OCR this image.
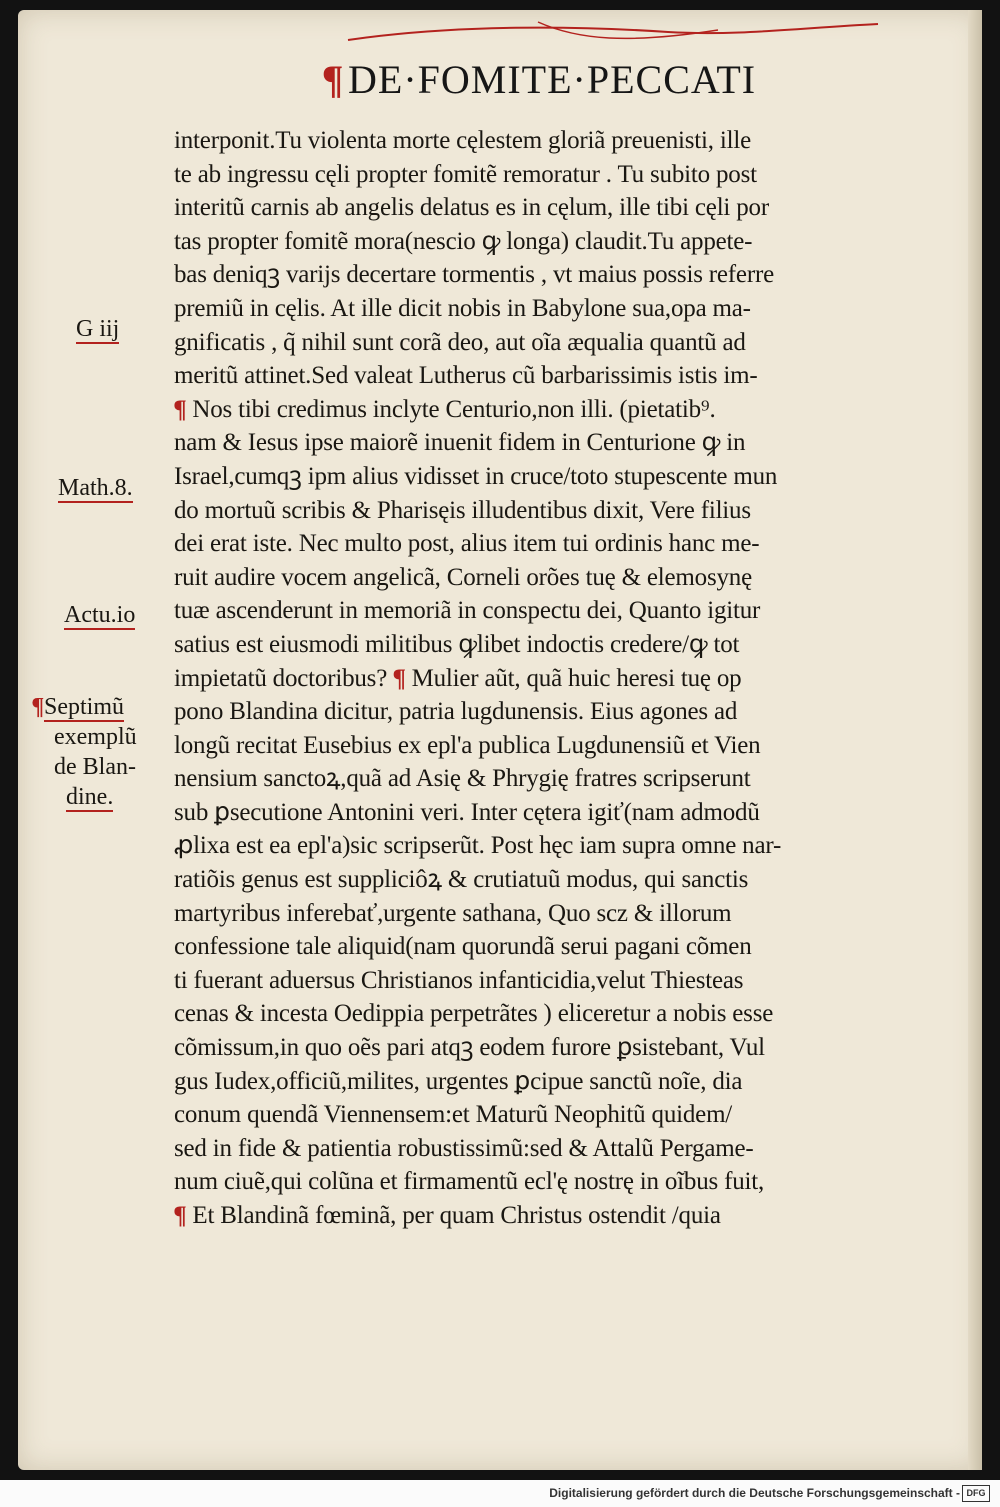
¶ DE·FOMITE·PECCATI
G iij
Math.8.
Actu.io
¶Septimũ
exemplũ
de Blan-
dine.
interponit.Tu violenta morte cęlestem gloriã preuenisti, ille
te ab ingressu cęli propter fomitẽ remoratur . Tu subito post
interitũ carnis ab angelis delatus es in cęlum, ille tibi cęli por
tas propter fomitẽ mora(nescio ꝙ longa) claudit.Tu appete-
bas deniqꝫ varijs decertare tormentis , vt maius possis referre
premiũ in cęlis. At ille dicit nobis in Babylone sua,opa ma-
gnificatis , q̃ nihil sunt corã deo, aut oĩa æqualia quantũ ad
meritũ attinet.Sed valeat Lutherus cũ barbarissimis istis im-
¶ Nos tibi credimus inclyte Centurio,non illi. (pietatib⁹.
nam & Iesus ipse maiorẽ inuenit fidem in Centurione ꝙ in
Israel,cumqꝫ ipm alius vidisset in cruce/toto stupescente mun
do mortuũ scribis & Pharisęis illudentibus dixit, Vere filius
dei erat iste. Nec multo post, alius item tui ordinis hanc me-
ruit audire vocem angelicã, Corneli orões tuę & elemosynę
tuæ ascenderunt in memoriã in conspectu dei, Quanto igitur
satius est eiusmodi militibus ꝙlibet indoctis credere/ꝙ tot
impietatũ doctoribus? ¶ Mulier aũt, quã huic heresi tuę op
pono Blandina dicitur, patria lugdunensis. Eius agones ad
longũ recitat Eusebius ex epl'a publica Lugdunensiũ et Vien
nensium sanctoꝝ,quã ad Asię & Phrygię fratres scripserunt
sub ꝑsecutione Antonini veri. Inter cętera igiť(nam admodũ
ꝓlixa est ea epl'a)sic scripserũt. Post hęc iam supra omne nar-
ratiõis genus est suppliciôꝝ & crutiatuũ modus, qui sanctis
martyribus inferebať,urgente sathana, Quo scz & illorum
confessione tale aliquid(nam quorundã serui pagani cõmen
ti fuerant aduersus Christianos infanticidia,velut Thiesteas
cenas & incesta Oedippia perpetrãtes ) eliceretur a nobis esse
cõmissum,in quo oẽs pari atqꝫ eodem furore ꝑsistebant, Vul
gus Iudex,officiũ,milites, urgentes ꝑcipue sanctũ noĩe, dia
conum quendã Viennensem:et Maturũ Neophitũ quidem/
sed in fide & patientia robustissimũ:sed & Attalũ Pergame-
num ciuẽ,qui colũna et firmamentũ ecl'ę nostrę in oĩbus fuit,
¶ Et Blandinã fœminã, per quam Christus ostendit /quia
Digitalisierung gefördert durch die Deutsche Forschungsgemeinschaft - DFG
